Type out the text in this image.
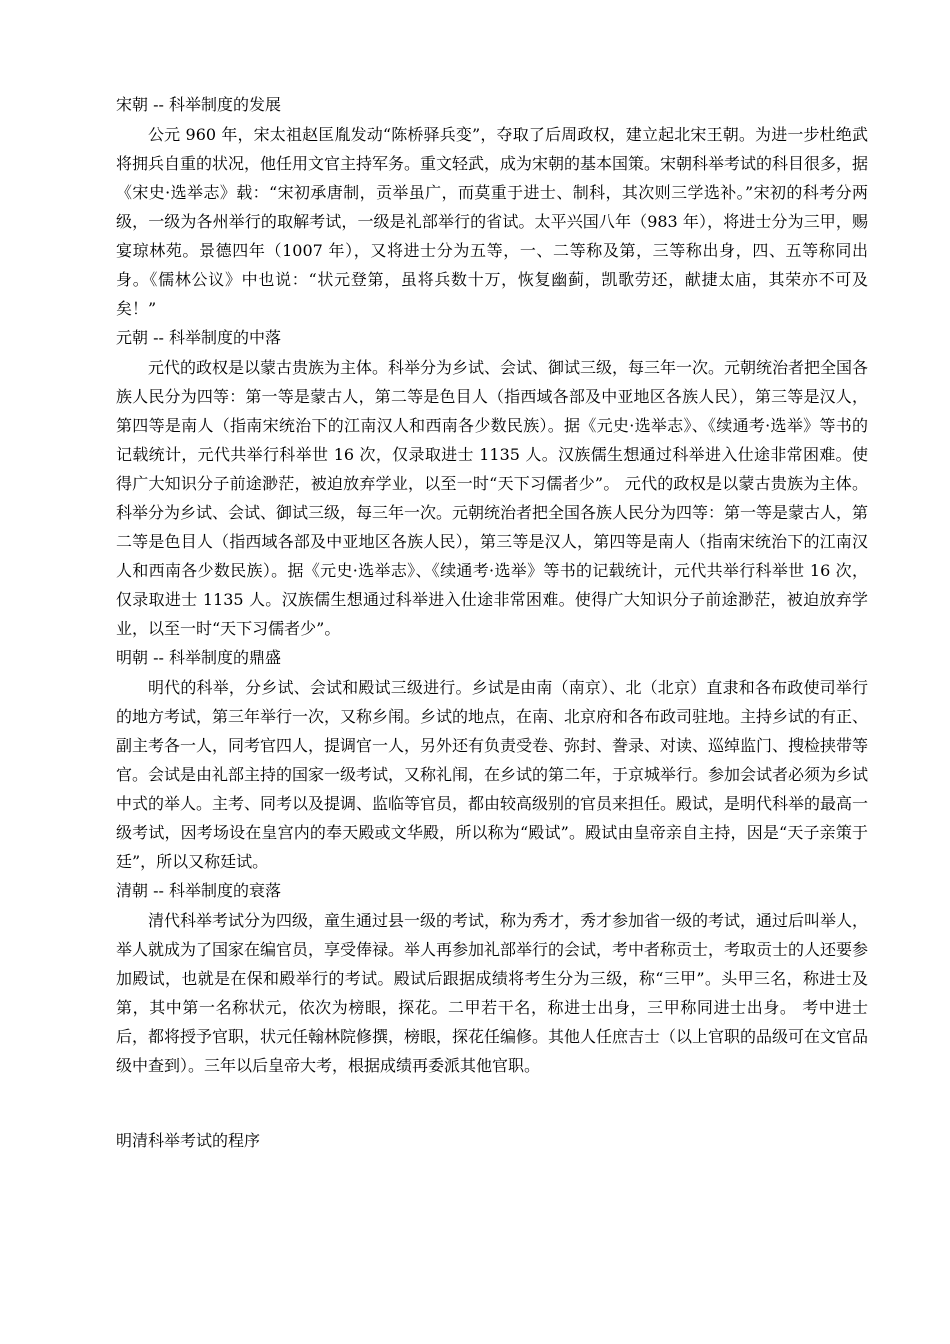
宋朝 -- 科举制度的发展

公元 960 年，宋太祖赵匡胤发动“陈桥驿兵变”，夺取了后周政权，建立起北宋王朝。为进一步杜绝武将拥兵自重的状况，他任用文官主持军务。重文轻武，成为宋朝的基本国策。宋朝科举考试的科目很多，据《宋史·选举志》载：“宋初承唐制，贡举虽广，而莫重于进士、制科，其次则三学选补。”宋初的科考分两级，一级为各州举行的取解考试，一级是礼部举行的省试。太平兴国八年（983 年），将进士分为三甲，赐宴琼林苑。景德四年（1007 年），又将进士分为五等，一、二等称及第，三等称出身，四、五等称同出身。《儒林公议》中也说：“状元登第，虽将兵数十万，恢复幽蓟，凯歌劳还，献捷太庙，其荣亦不可及矣！”

元朝 -- 科举制度的中落

元代的政权是以蒙古贵族为主体。科举分为乡试、会试、御试三级，每三年一次。元朝统治者把全国各族人民分为四等：第一等是蒙古人，第二等是色目人（指西域各部及中亚地区各族人民），第三等是汉人，第四等是南人（指南宋统治下的江南汉人和西南各少数民族）。据《元史·选举志》、《续通考·选举》等书的记载统计，元代共举行科举世 16 次，仅录取进士 1135 人。汉族儒生想通过科举进入仕途非常困难。使得广大知识分子前途渺茫，被迫放弃学业，以至一时“天下习儒者少”。 元代的政权是以蒙古贵族为主体。科举分为乡试、会试、御试三级，每三年一次。元朝统治者把全国各族人民分为四等：第一等是蒙古人，第二等是色目人（指西域各部及中亚地区各族人民），第三等是汉人，第四等是南人（指南宋统治下的江南汉人和西南各少数民族）。据《元史·选举志》、《续通考·选举》等书的记载统计，元代共举行科举世 16 次，仅录取进士 1135 人。汉族儒生想通过科举进入仕途非常困难。使得广大知识分子前途渺茫，被迫放弃学业，以至一时“天下习儒者少”。

明朝 -- 科举制度的鼎盛

明代的科举，分乡试、会试和殿试三级进行。乡试是由南（南京）、北（北京）直隶和各布政使司举行的地方考试，第三年举行一次，又称乡闱。乡试的地点，在南、北京府和各布政司驻地。主持乡试的有正、副主考各一人，同考官四人，提调官一人，另外还有负责受卷、弥封、誊录、对读、巡绰监门、搜检挟带等官。会试是由礼部主持的国家一级考试，又称礼闱，在乡试的第二年，于京城举行。参加会试者必须为乡试中式的举人。主考、同考以及提调、监临等官员，都由较高级别的官员来担任。殿试，是明代科举的最高一级考试，因考场设在皇宫内的奉天殿或文华殿，所以称为“殿试”。殿试由皇帝亲自主持，因是“天子亲策于廷”，所以又称廷试。

清朝 -- 科举制度的衰落

清代科举考试分为四级，童生通过县一级的考试，称为秀才，秀才参加省一级的考试，通过后叫举人，举人就成为了国家在编官员，享受俸禄。举人再参加礼部举行的会试，考中者称贡士，考取贡士的人还要参加殿试，也就是在保和殿举行的考试。殿试后跟据成绩将考生分为三级，称“三甲”。头甲三名，称进士及第，其中第一名称状元，依次为榜眼，探花。二甲若干名，称进士出身，三甲称同进士出身。 考中进士后，都将授予官职，状元任翰林院修撰，榜眼，探花任编修。其他人任庶吉士（以上官职的品级可在文官品级中查到）。三年以后皇帝大考，根据成绩再委派其他官职。

明清科举考试的程序
